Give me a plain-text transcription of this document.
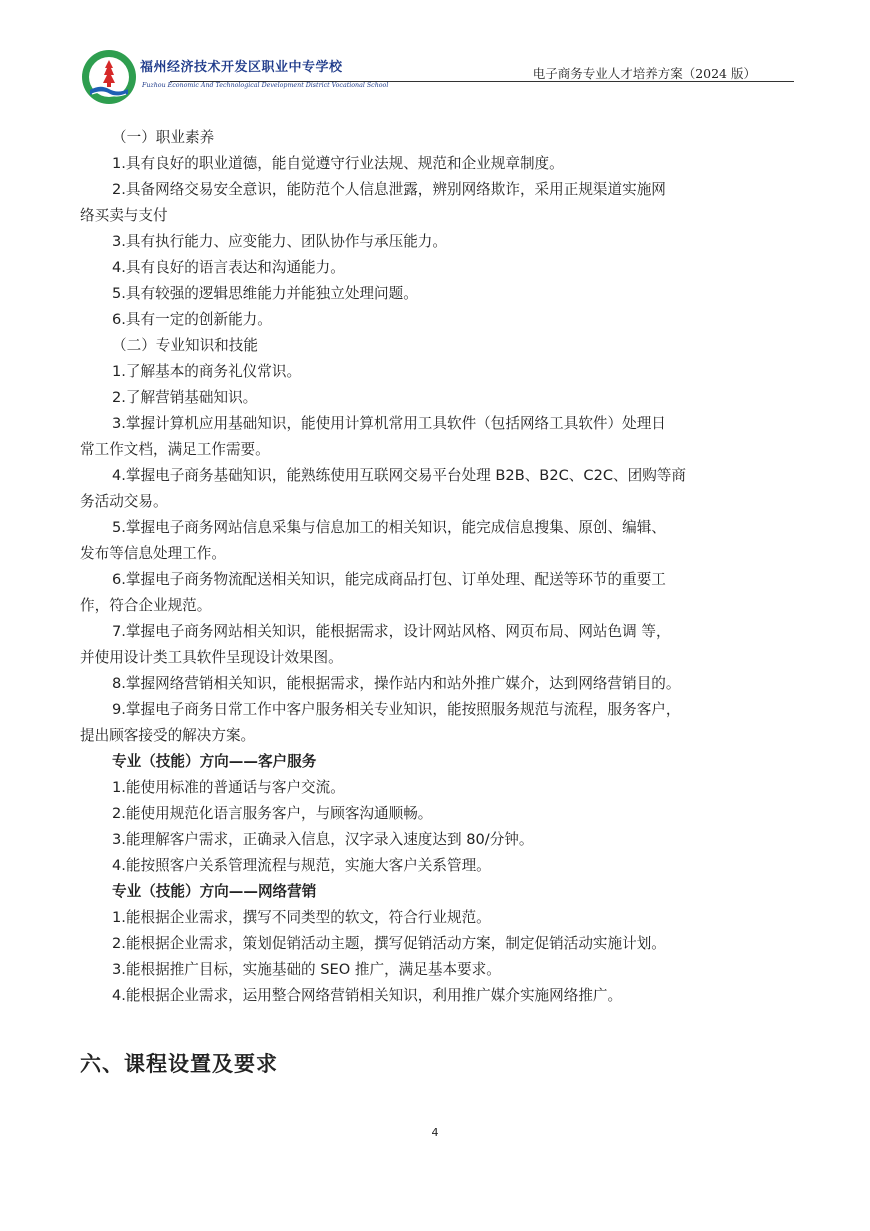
福州经济技术开发区职业中专学校
Fuzhou Economic And Technological Development District Vocational School
电子商务专业人才培养方案（2024 版）
（一）职业素养
1.具有良好的职业道德，能自觉遵守行业法规、规范和企业规章制度。
2.具备网络交易安全意识，能防范个人信息泄露，辨别网络欺诈，采用正规渠道实施网
络买卖与支付
3.具有执行能力、应变能力、团队协作与承压能力。
4.具有良好的语言表达和沟通能力。
5.具有较强的逻辑思维能力并能独立处理问题。
6.具有一定的创新能力。
（二）专业知识和技能
1.了解基本的商务礼仪常识。
2.了解营销基础知识。
3.掌握计算机应用基础知识，能使用计算机常用工具软件（包括网络工具软件）处理日
常工作文档，满足工作需要。
4.掌握电子商务基础知识，能熟练使用互联网交易平台处理 B2B、B2C、C2C、团购等商
务活动交易。
5.掌握电子商务网站信息采集与信息加工的相关知识，能完成信息搜集、原创、编辑、
发布等信息处理工作。
6.掌握电子商务物流配送相关知识，能完成商品打包、订单处理、配送等环节的重要工
作，符合企业规范。
7.掌握电子商务网站相关知识，能根据需求，设计网站风格、网页布局、网站色调 等，
并使用设计类工具软件呈现设计效果图。
8.掌握网络营销相关知识，能根据需求，操作站内和站外推广媒介，达到网络营销目的。
9.掌握电子商务日常工作中客户服务相关专业知识，能按照服务规范与流程，服务客户，
提出顾客接受的解决方案。
专业（技能）方向——客户服务
1.能使用标准的普通话与客户交流。
2.能使用规范化语言服务客户，与顾客沟通顺畅。
3.能理解客户需求，正确录入信息，汉字录入速度达到 80/分钟。
4.能按照客户关系管理流程与规范，实施大客户关系管理。
专业（技能）方向——网络营销
1.能根据企业需求，撰写不同类型的软文，符合行业规范。
2.能根据企业需求，策划促销活动主题，撰写促销活动方案，制定促销活动实施计划。
3.能根据推广目标，实施基础的 SEO 推广，满足基本要求。
4.能根据企业需求，运用整合网络营销相关知识，利用推广媒介实施网络推广。
六、课程设置及要求
4
